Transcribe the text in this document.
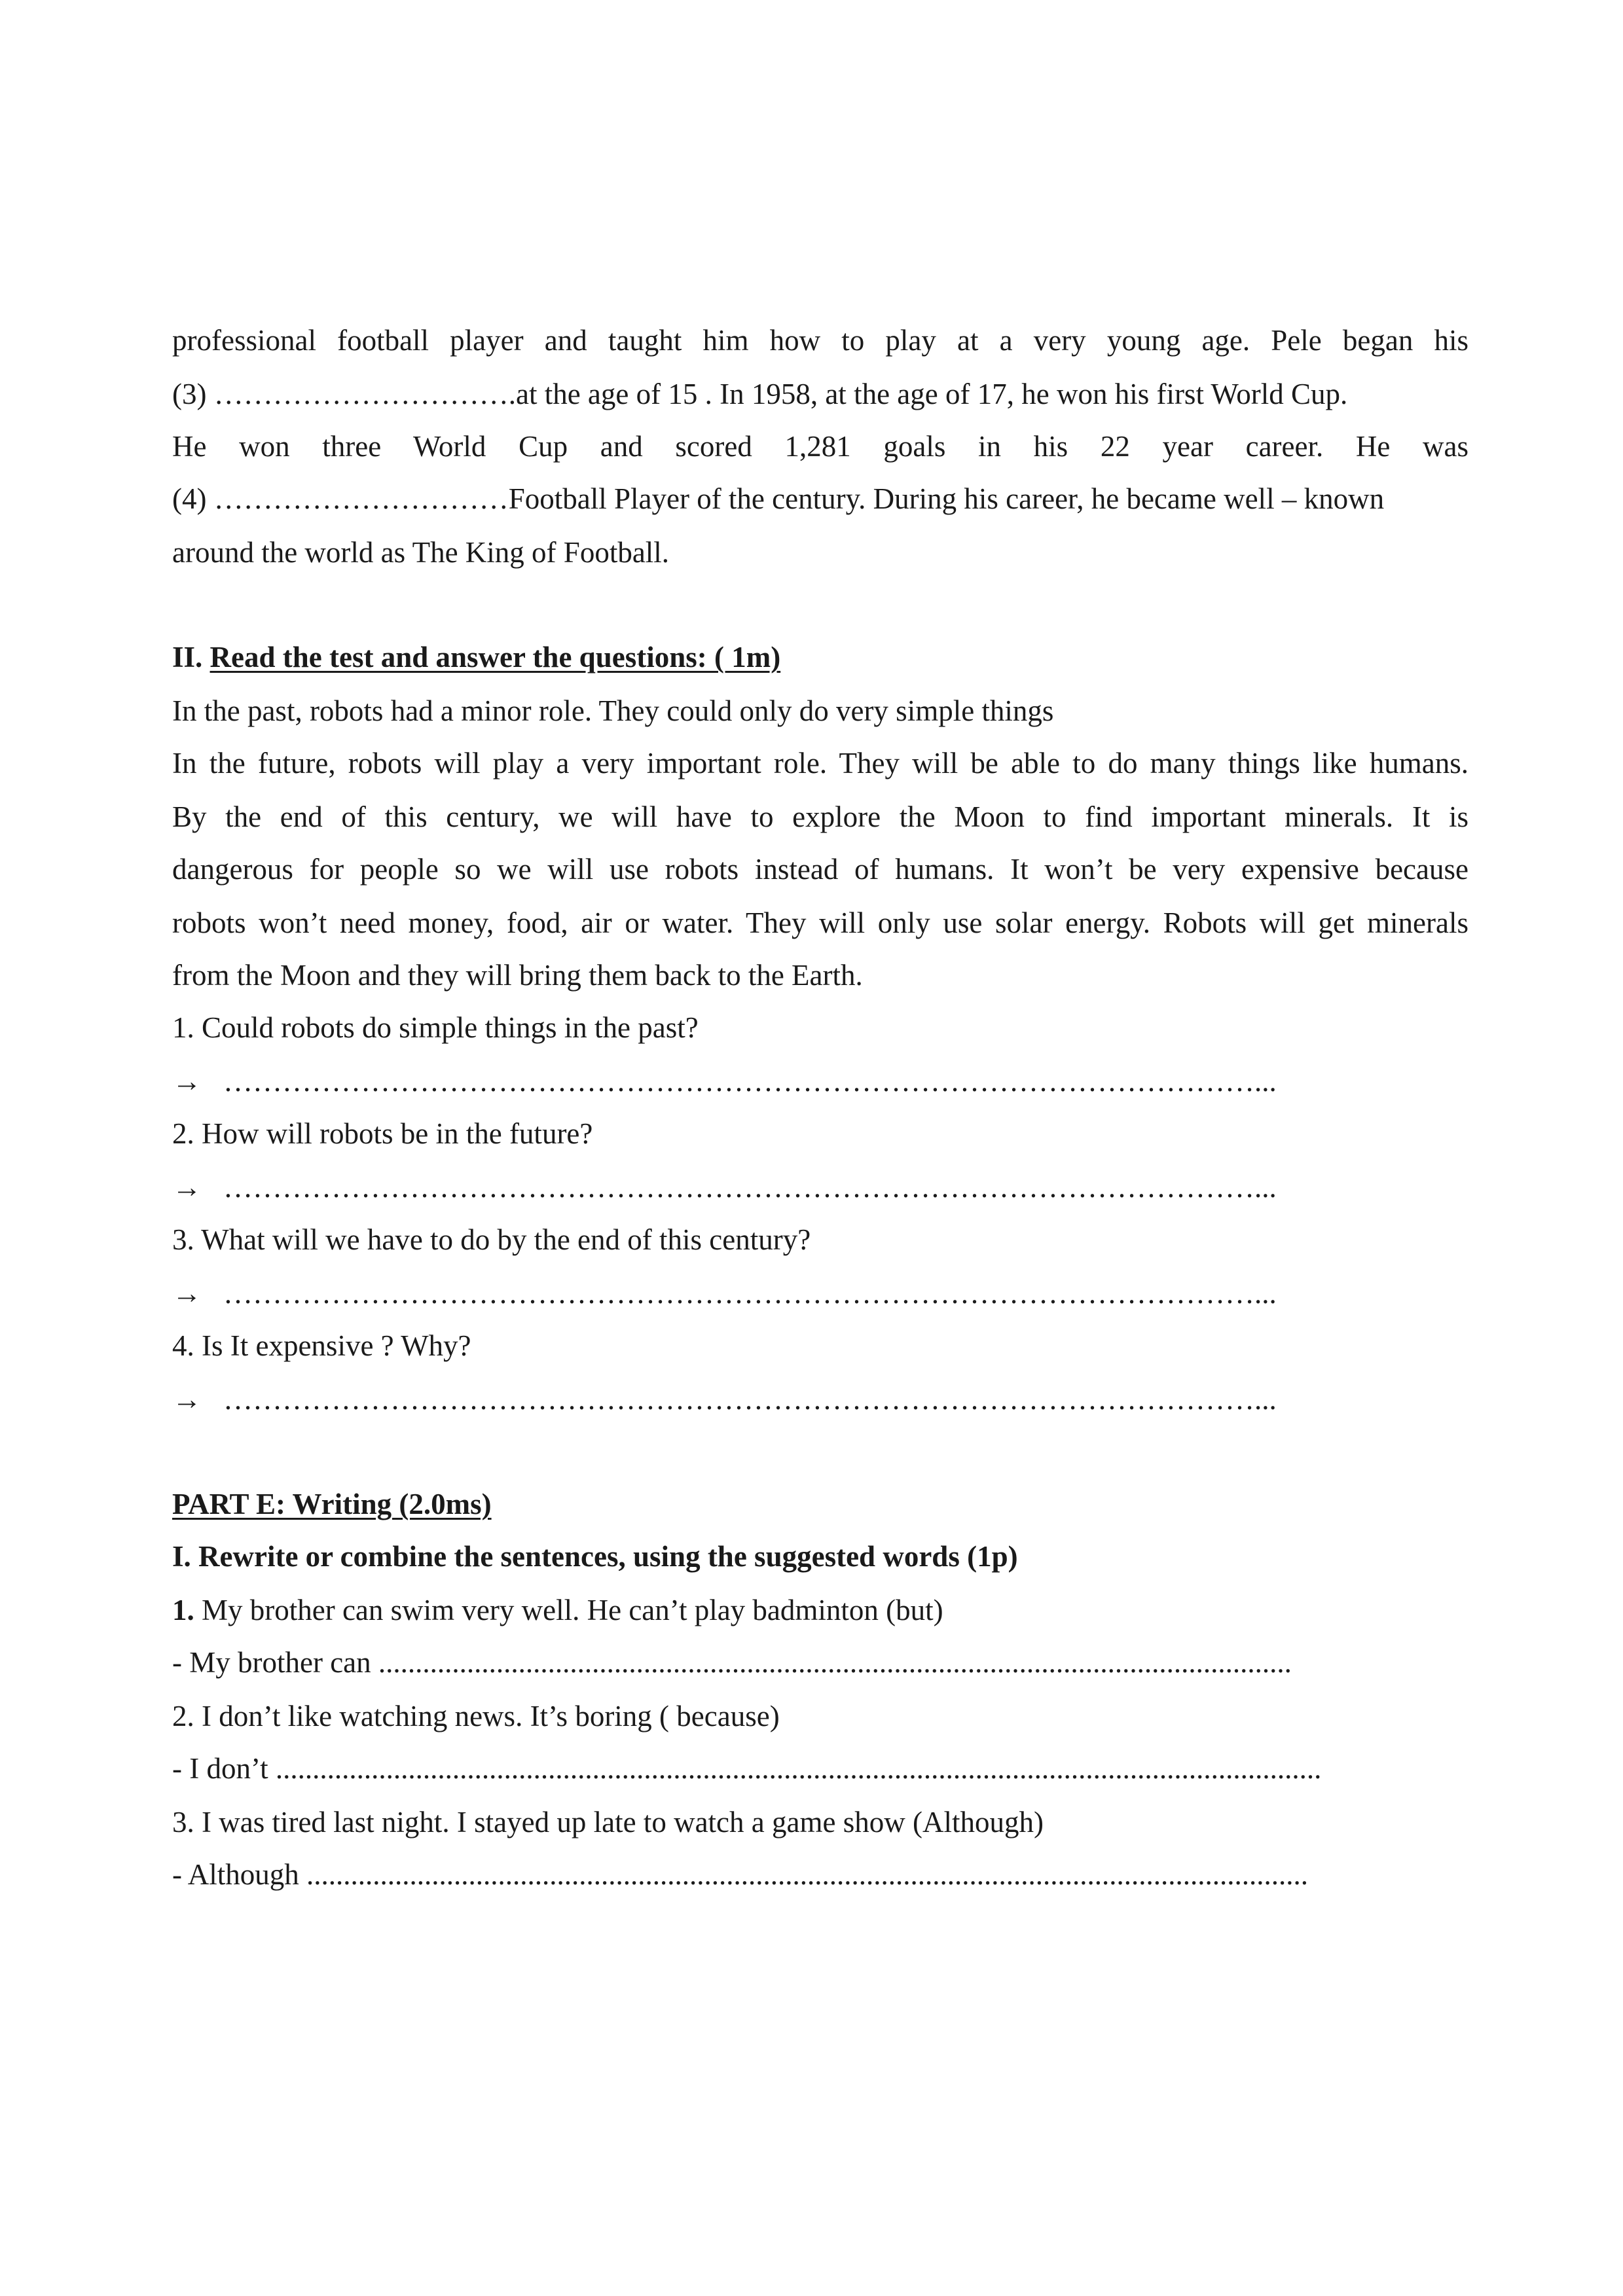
professional football player and taught him how to play at a very young age. Pele began his
(3) ………………………….at the age of 15 . In 1958, at the age of 17, he won his first World Cup.
He won three World Cup and scored 1,281 goals in his 22 year career. He was
(4) …………………………Football Player of the century. During his career, he became well – known
around the world as The King of Football.
II. Read the test and answer the questions: ( 1m)
In the past, robots had a minor role. They could only do very simple things
In the future, robots will play a very important role. They will be able to do many things like humans.
By the end of this century, we will have to explore the Moon to find important minerals. It is
dangerous for people so we will use robots instead of humans. It won’t be very expensive because
robots won’t need money, food, air or water. They will only use solar energy. Robots will get minerals
from the Moon and they will bring them back to the Earth.
1. Could robots do simple things in the past?
→ ……………………………………………………………………………………………...
2. How will robots be in the future?
→ ……………………………………………………………………………………………...
3. What will we have to do by the end of this century?
→ ……………………………………………………………………………………………...
4. Is It expensive ? Why?
→ ……………………………………………………………………………………………...
PART E: Writing (2.0ms)
I. Rewrite or combine the sentences, using the suggested words (1p)
1. My brother can swim very well. He can’t play badminton (but)
- My brother can ............................................................................................................................
2. I don’t like watching news. It’s boring ( because)
- I don’t ..............................................................................................................................................
3. I was tired last night. I stayed up late to watch a game show (Although)
- Although ........................................................................................................................................
